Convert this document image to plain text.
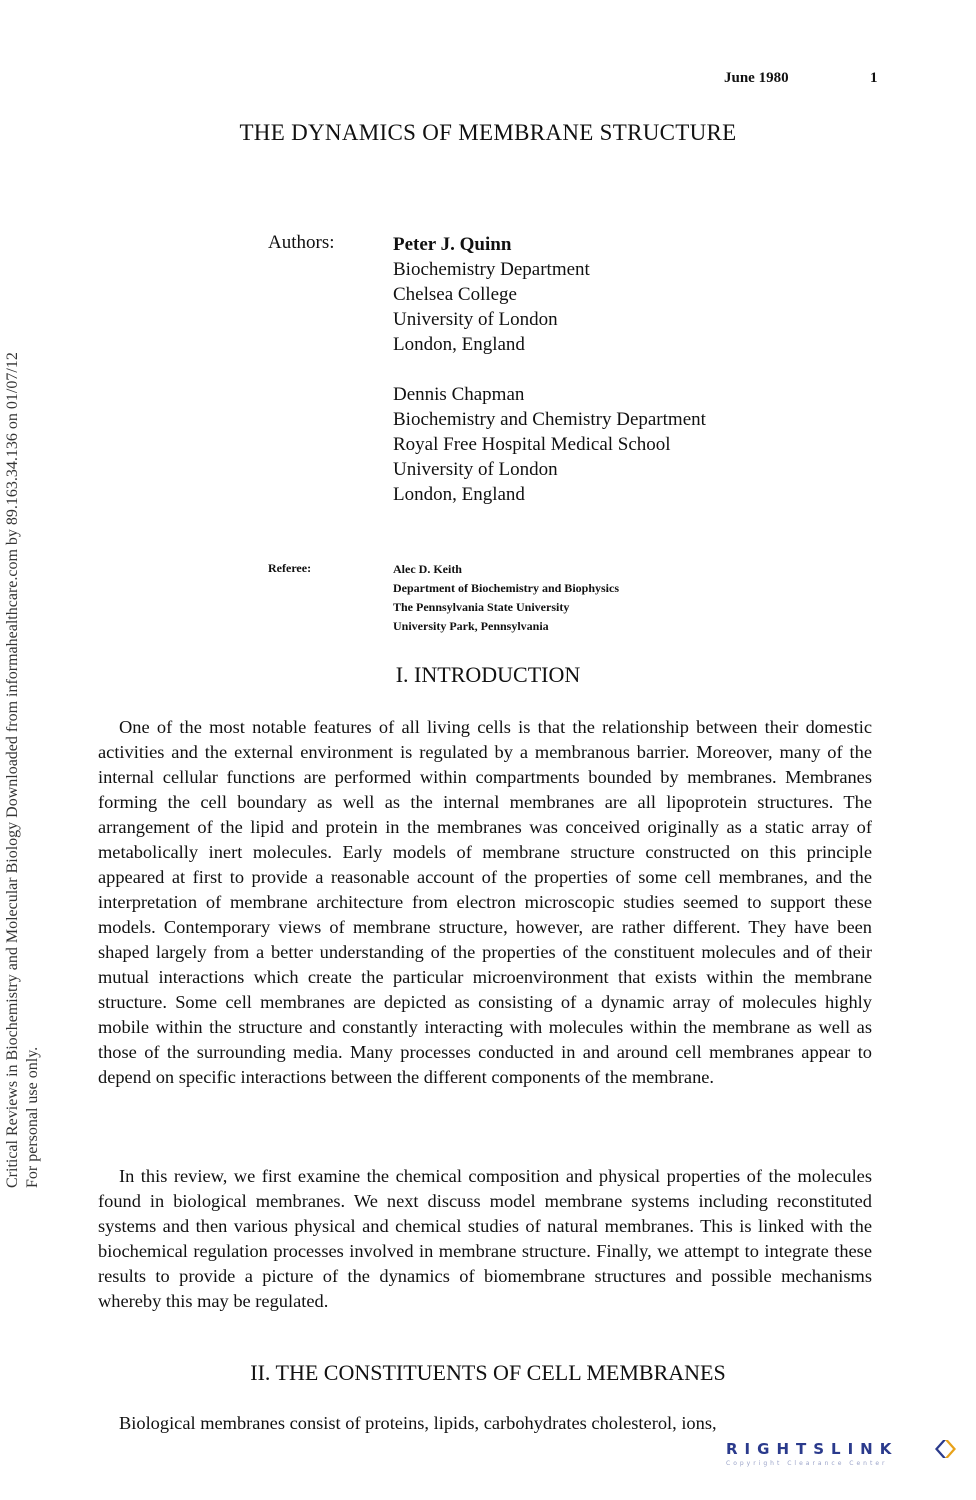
Critical Reviews in Biochemistry and Molecular Biology Downloaded from informahealthcare.com by 89.163.34.136 on 01/07/12 For personal use only.
June 1980	1
THE DYNAMICS OF MEMBRANE STRUCTURE
Authors:	Peter J. Quinn
Biochemistry Department
Chelsea College
University of London
London, England
Dennis Chapman
Biochemistry and Chemistry Department
Royal Free Hospital Medical School
University of London
London, England
Referee:	Alec D. Keith
Department of Biochemistry and Biophysics
The Pennsylvania State University
University Park, Pennsylvania
I. INTRODUCTION

One of the most notable features of all living cells is that the relationship between their domestic activities and the external environment is regulated by a membranous barrier. Moreover, many of the internal cellular functions are performed within compartments bounded by membranes. Membranes forming the cell boundary as well as the internal membranes are all lipoprotein structures. The arrangement of the lipid and protein in the membranes was conceived originally as a static array of metabolically inert molecules. Early models of membrane structure constructed on this principle appeared at first to provide a reasonable account of the properties of some cell membranes, and the interpretation of membrane architecture from electron microscopic studies seemed to support these models. Contemporary views of membrane structure, however, are rather different. They have been shaped largely from a better understanding of the properties of the constituent molecules and of their mutual interactions which create the particular microenvironment that exists within the membrane structure. Some cell membranes are depicted as consisting of a dynamic array of molecules highly mobile within the structure and constantly interacting with molecules within the membrane as well as those of the surrounding media. Many processes conducted in and around cell membranes appear to depend on specific interactions between the different components of the membrane.

In this review, we first examine the chemical composition and physical properties of the molecules found in biological membranes. We next discuss model membrane systems including reconstituted systems and then various physical and chemical studies of natural membranes. This is linked with the biochemical regulation processes involved in membrane structure. Finally, we attempt to integrate these results to provide a picture of the dynamics of biomembrane structures and possible mechanisms whereby this may be regulated.

II. THE CONSTITUENTS OF CELL MEMBRANES

Biological membranes consist of proteins, lipids, carbohydrates cholesterol, ions,

RIGHTSLINK
Copyright Clearance Center
